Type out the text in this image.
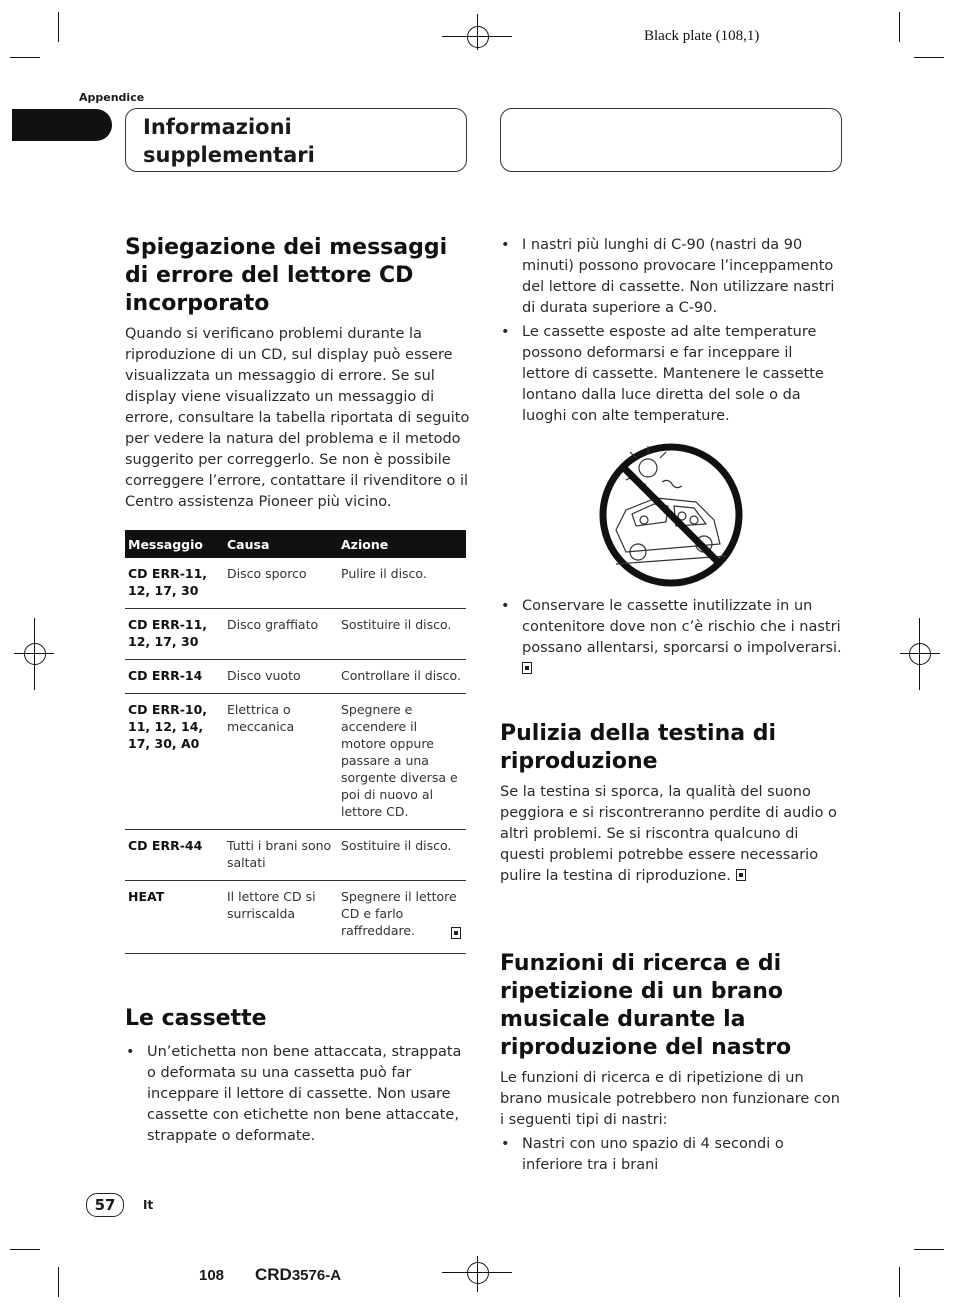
Black plate (108,1)
Appendice
Informazioni
supplementari
Spiegazione dei messaggi
di errore del lettore CD
incorporato

Quando si verificano problemi durante la riproduzione di un CD, sul display può essere visualizzata un messaggio di errore. Se sul display viene visualizzato un messaggio di errore, consultare la tabella riportata di seguito per vedere la natura del problema e il metodo suggerito per correggerlo. Se non è possibile correggere l’errore, contattare il rivenditore o il Centro assistenza Pioneer più vicino.

Messaggio	Causa	Azione
CD ERR-11, 12, 17, 30	Disco sporco	Pulire il disco.
CD ERR-11, 12, 17, 30	Disco graffiato	Sostituire il disco.
CD ERR-14	Disco vuoto	Controllare il disco.
CD ERR-10, 11, 12, 14, 17, 30, A0	Elettrica o meccanica	Spegnere e accendere il motore oppure passare a una sorgente diversa e poi di nuovo al lettore CD.
CD ERR-44	Tutti i brani sono saltati	Sostituire il disco.
HEAT	Il lettore CD si surriscalda	Spegnere il lettore CD e farlo raffreddare.
Le cassette
• Un’etichetta non bene attaccata, strappata o deformata su una cassetta può far inceppare il lettore di cassette. Non usare cassette con etichette non bene attaccate, strappate o deformate.
• I nastri più lunghi di C-90 (nastri da 90 minuti) possono provocare l’inceppamento del lettore di cassette. Non utilizzare nastri di durata superiore a C-90.
• Le cassette esposte ad alte temperature possono deformarsi e far inceppare il lettore di cassette. Mantenere le cassette lontano dalla luce diretta del sole o da luoghi con alte temperature.
• Conservare le cassette inutilizzate in un contenitore dove non c’è rischio che i nastri possano allentarsi, sporcarsi o impolverarsi.
Pulizia della testina di
riproduzione

Se la testina si sporca, la qualità del suono peggiora e si riscontreranno perdite di audio o altri problemi. Se si riscontra qualcuno di questi problemi potrebbe essere necessario pulire la testina di riproduzione.

Funzioni di ricerca e di
ripetizione di un brano
musicale durante la
riproduzione del nastro

Le funzioni di ricerca e di ripetizione di un brano musicale potrebbero non funzionare con i seguenti tipi di nastri:

• Nastri con uno spazio di 4 secondi o inferiore tra i brani
57	It
108 CRD3576-A
